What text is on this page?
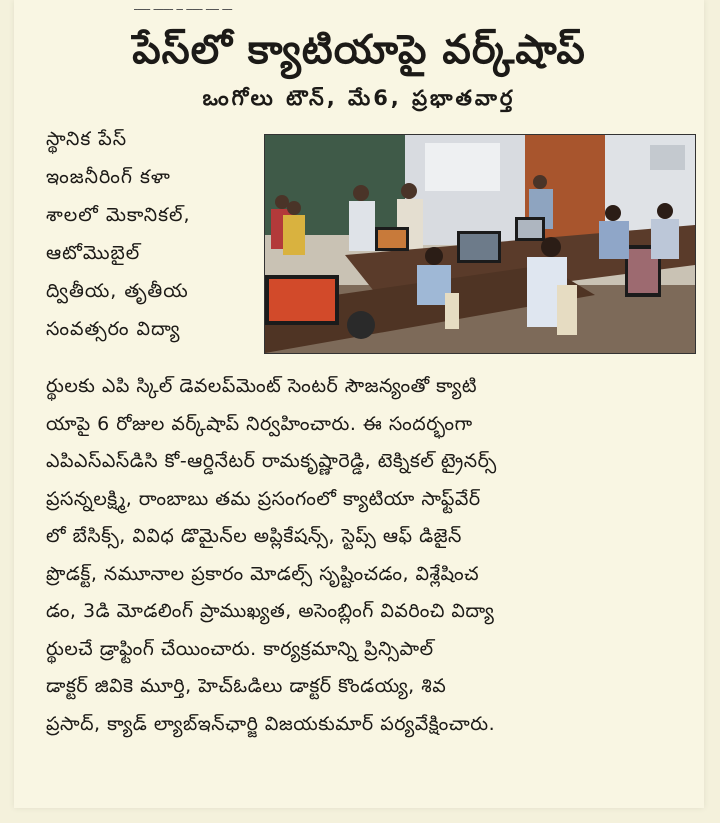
ـــ ــــ ـــــ ــ ــــــ ـــــ
పేస్‌లో క్యాటియాపై వర్క్‌షాప్
ఒంగోలు టౌన్, మే6, ప్రభాతవార్త
స్థానిక పేస్
ఇంజనీరింగ్ కళా
శాలలో మెకానికల్,
ఆటోమొబైల్
ద్వితీయ, తృతీయ
సంవత్సరం విద్యా
ర్థులకు ఎపి స్కిల్ డెవలప్‌మెంట్ సెంటర్ సౌజన్యంతో క్యాటి
యాపై 6 రోజుల వర్క్‌షాప్ నిర్వహించారు. ఈ సందర్భంగా
ఎపిఎస్‌ఎస్‌డిసి కో-ఆర్డినేటర్ రామకృష్ణారెడ్డి, టెక్నికల్ ట్రైనర్స్
ప్రసన్నలక్ష్మి, రాంబాబు తమ ప్రసంగంలో క్యాటియా సాఫ్ట్‌వేర్
లో బేసిక్స్, వివిధ డొమైన్‌ల అప్లికేషన్స్, స్టెప్స్ ఆఫ్ డిజైన్
ప్రొడక్ట్, నమూనాల ప్రకారం మోడల్స్ సృష్టించడం, విశ్లేషించ
డం, 3డి మోడలింగ్ ప్రాముఖ్యత, అసెంబ్లింగ్ వివరించి విద్యా
ర్థులచే డ్రాఫ్టింగ్ చేయించారు. కార్యక్రమాన్ని ప్రిన్సిపాల్
డాక్టర్ జివికె మూర్తి, హెచ్‌ఓడిలు డాక్టర్ కొండయ్య, శివ
ప్రసాద్, క్యాడ్ ల్యాబ్‌ఇన్‌ఛార్జి విజయకుమార్ పర్యవేక్షించారు.
